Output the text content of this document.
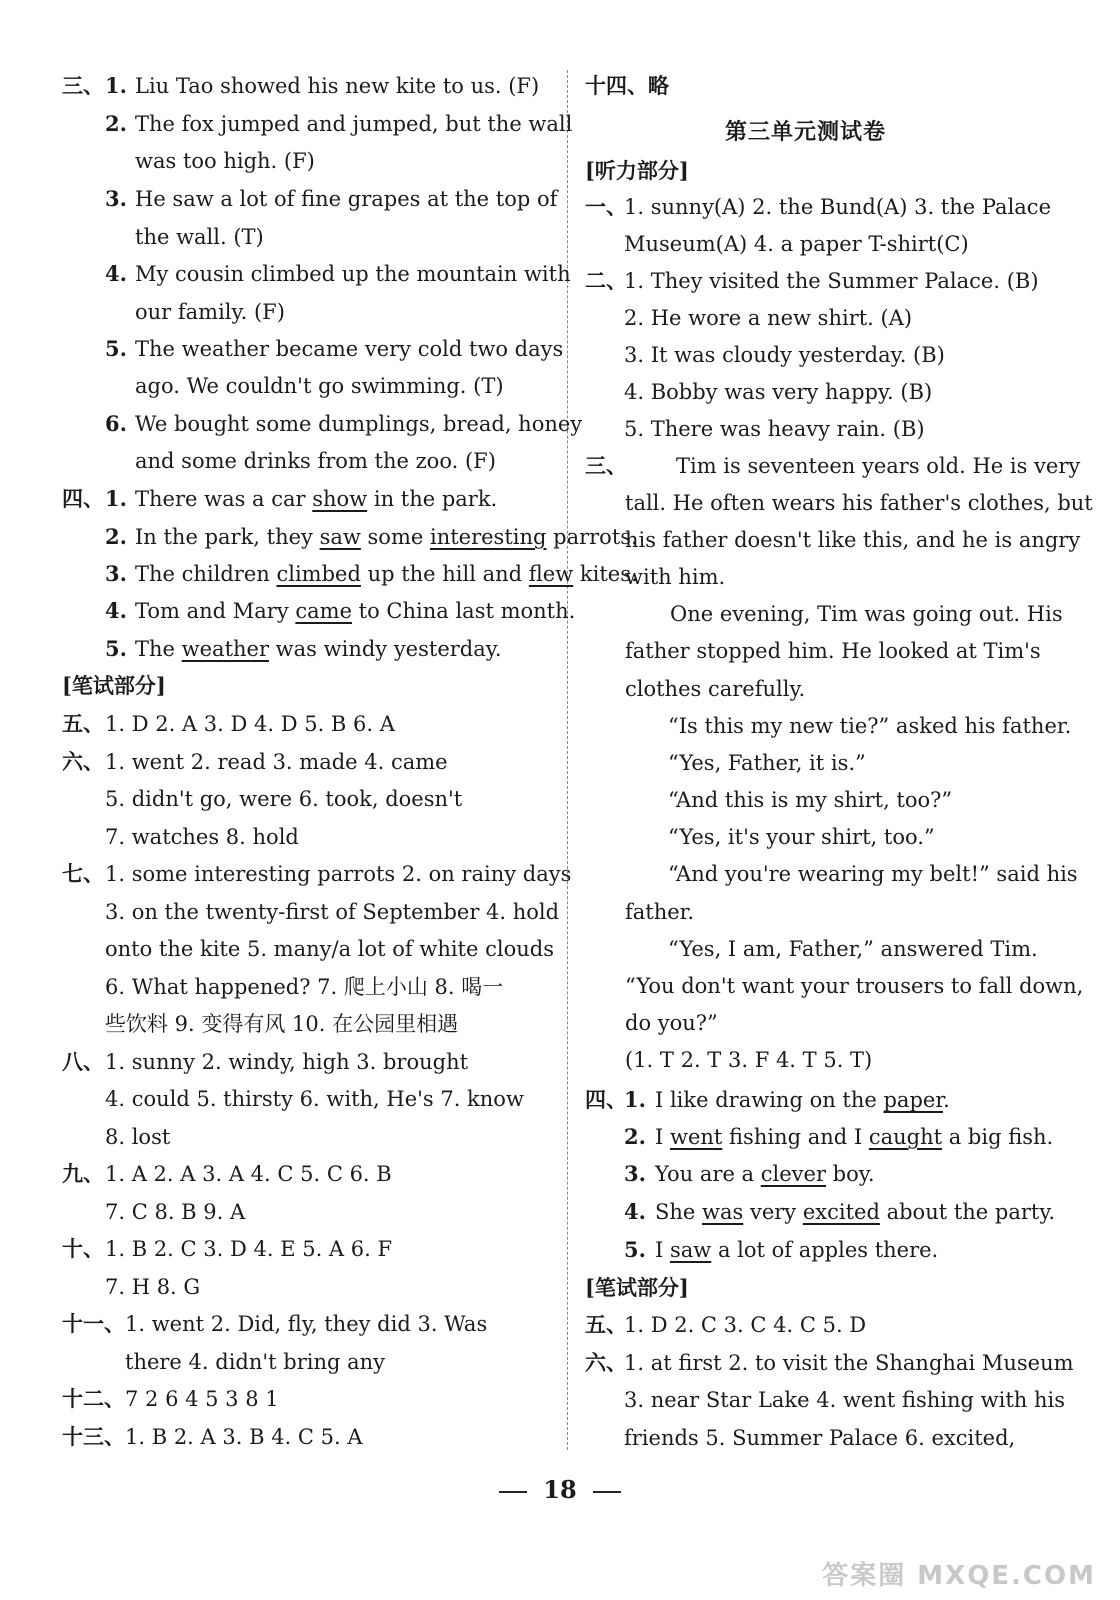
三、 1. Liu Tao showed his new kite to us. (F)
2. The fox jumped and jumped, but the wall
was too high. (F)
3. He saw a lot of fine grapes at the top of
the wall. (T)
4. My cousin climbed up the mountain with
our family. (F)
5. The weather became very cold two days
ago. We couldn't go swimming. (T)
6. We bought some dumplings, bread, honey
and some drinks from the zoo. (F)
四、 1. There was a car show in the park.
2. In the park, they saw some interesting parrots.
3. The children climbed up the hill and flew kites.
4. Tom and Mary came to China last month.
5. The weather was windy yesterday.
[笔试部分]
五、 1. D 2. A 3. D 4. D 5. B 6. A
六、 1. went 2. read 3. made 4. came
5. didn't go, were 6. took, doesn't
7. watches 8. hold
七、 1. some interesting parrots 2. on rainy days
3. on the twenty-first of September 4. hold
onto the kite 5. many/a lot of white clouds
6. What happened? 7. 爬上小山 8. 喝一
些饮料 9. 变得有风 10. 在公园里相遇
八、 1. sunny 2. windy, high 3. brought
4. could 5. thirsty 6. with, He's 7. know
8. lost
九、 1. A 2. A 3. A 4. C 5. C 6. B
7. C 8. B 9. A
十、 1. B 2. C 3. D 4. E 5. A 6. F
7. H 8. G
十一、 1. went 2. Did, fly, they did 3. Was
there 4. didn't bring any
十二、 7 2 6 4 5 3 8 1
十三、 1. B 2. A 3. B 4. C 5. A
十四、略
第三单元测试卷
[听力部分]
一、
1. sunny(A) 2. the Bund(A) 3. the Palace
Museum(A) 4. a paper T-shirt(C)
二、
1. They visited the Summer Palace. (B)
2. He wore a new shirt. (A)
3. It was cloudy yesterday. (B)
4. Bobby was very happy. (B)
5. There was heavy rain. (B)
三、 Tim is seventeen years old. He is very
tall. He often wears his father's clothes, but
his father doesn't like this, and he is angry
with him.
One evening, Tim was going out. His
father stopped him. He looked at Tim's
clothes carefully.
“Is this my new tie?” asked his father.
“Yes, Father, it is.”
“And this is my shirt, too?”
“Yes, it's your shirt, too.”
“And you're wearing my belt!” said his
father.
“Yes, I am, Father,” answered Tim.
“You don't want your trousers to fall down,
do you?”
(1. T 2. T 3. F 4. T 5. T)
四、
1. I like drawing on the paper.
2. I went fishing and I caught a big fish.
3. You are a clever boy.
4. She was very excited about the party.
5. I saw a lot of apples there.
[笔试部分]
五、
1. D 2. C 3. C 4. C 5. D
六、
1. at first 2. to visit the Shanghai Museum
3. near Star Lake 4. went fishing with his
friends 5. Summer Palace 6. excited,
18
答案圈 MXQE.COM
